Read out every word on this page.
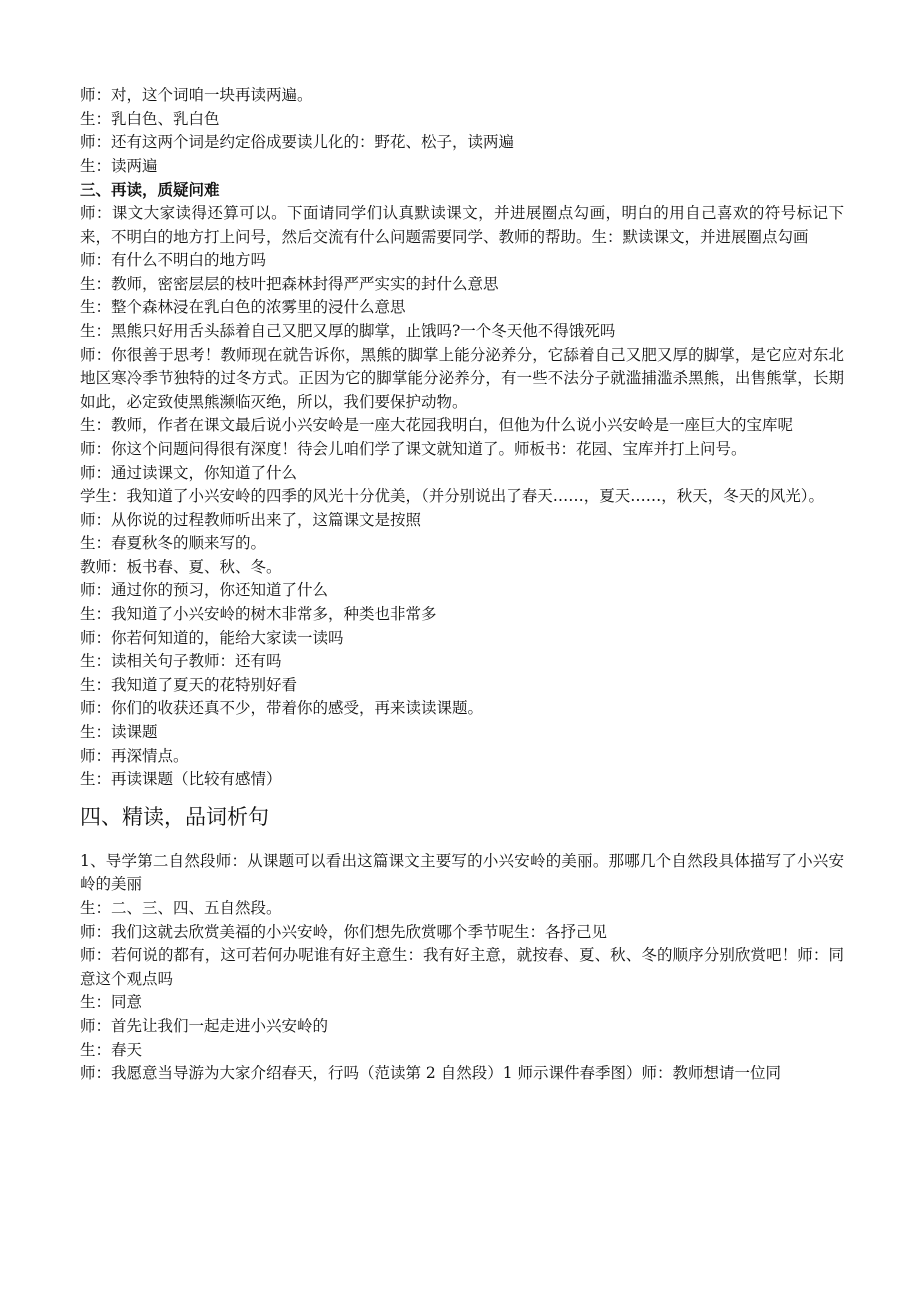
师：对，这个词咱一块再读两遍。

生：乳白色、乳白色

师：还有这两个词是约定俗成要读儿化的：野花、松子，读两遍

生：读两遍

三、再读，质疑问难

师：课文大家读得还算可以。下面请同学们认真默读课文，并进展圈点勾画，明白的用自己喜欢的符号标记下来，不明白的地方打上问号，然后交流有什么问题需要同学、教师的帮助。生：默读课文，并进展圈点勾画

师：有什么不明白的地方吗

生：教师，密密层层的枝叶把森林封得严严实实的封什么意思

生：整个森林浸在乳白色的浓雾里的浸什么意思

生：黑熊只好用舌头舔着自己又肥又厚的脚掌，止饿吗?一个冬天他不得饿死吗

师：你很善于思考！教师现在就告诉你，黑熊的脚掌上能分泌养分，它舔着自己又肥又厚的脚掌，是它应对东北地区寒冷季节独特的过冬方式。正因为它的脚掌能分泌养分，有一些不法分子就滥捕滥杀黑熊，出售熊掌，长期如此，必定致使黑熊濒临灭绝，所以，我们要保护动物。

生：教师，作者在课文最后说小兴安岭是一座大花园我明白，但他为什么说小兴安岭是一座巨大的宝库呢

师：你这个问题问得很有深度！待会儿咱们学了课文就知道了。师板书：花园、宝库并打上问号。

师：通过读课文，你知道了什么

学生：我知道了小兴安岭的四季的风光十分优美，（并分别说出了春天……，夏天……，秋天，冬天的风光）。

师：从你说的过程教师听出来了，这篇课文是按照

生：春夏秋冬的顺来写的。

教师：板书春、夏、秋、冬。

师：通过你的预习，你还知道了什么

生：我知道了小兴安岭的树木非常多，种类也非常多

师：你若何知道的，能给大家读一读吗

生：读相关句子教师：还有吗

生：我知道了夏天的花特别好看

师：你们的收获还真不少，带着你的感受，再来读读课题。

生：读课题

师：再深情点。

生：再读课题（比较有感情）

四、精读，品词析句

1、导学第二自然段师：从课题可以看出这篇课文主要写的小兴安岭的美丽。那哪几个自然段具体描写了小兴安岭的美丽

生：二、三、四、五自然段。

师：我们这就去欣赏美福的小兴安岭，你们想先欣赏哪个季节呢生：各抒己见

师：若何说的都有，这可若何办呢谁有好主意生：我有好主意，就按春、夏、秋、冬的顺序分别欣赏吧！师：同意这个观点吗

生：同意

师：首先让我们一起走进小兴安岭的

生：春天

师：我愿意当导游为大家介绍春天，行吗（范读第 2 自然段）1 师示课件春季图）师：教师想请一位同
